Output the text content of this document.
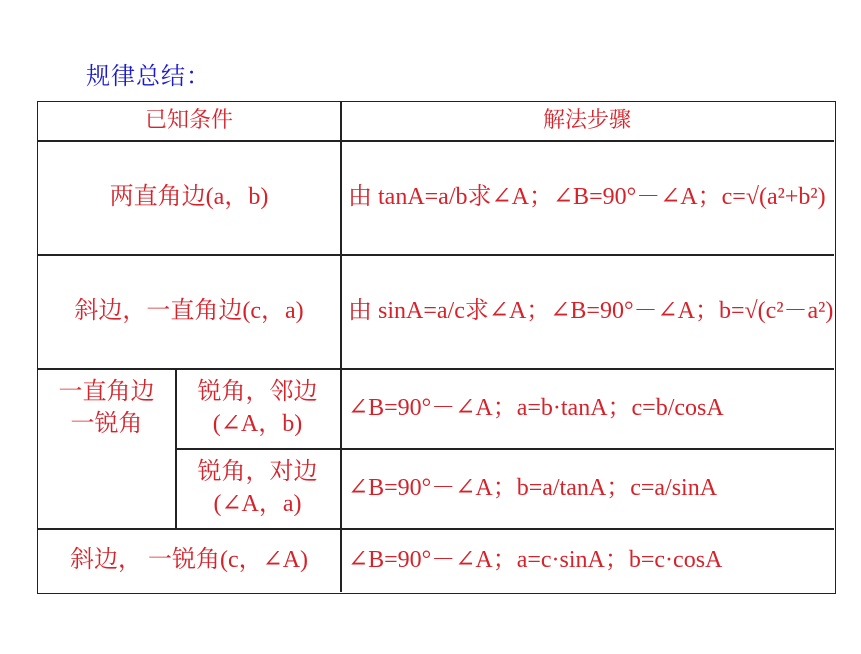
规律总结：
已知条件	解法步骤
两直角边(a，b)	由 tanA=a/b求∠A；∠B=90°－∠A；c=√(a²+b²)
斜边，一直角边(c，a) 由 sinA=a/c求∠A；∠B=90°－∠A；b=√(c²－a²)
一直角边一锐角
锐角，邻边(∠A，b)
∠B=90°－∠A；a=b·tanA；c=b/cosA
锐角，对边(∠A，a)
∠B=90°－∠A；b=a/tanA；c=a/sinA
斜边， 一锐角(c，∠A) ∠B=90°－∠A；a=c·sinA；b=c·cosA
